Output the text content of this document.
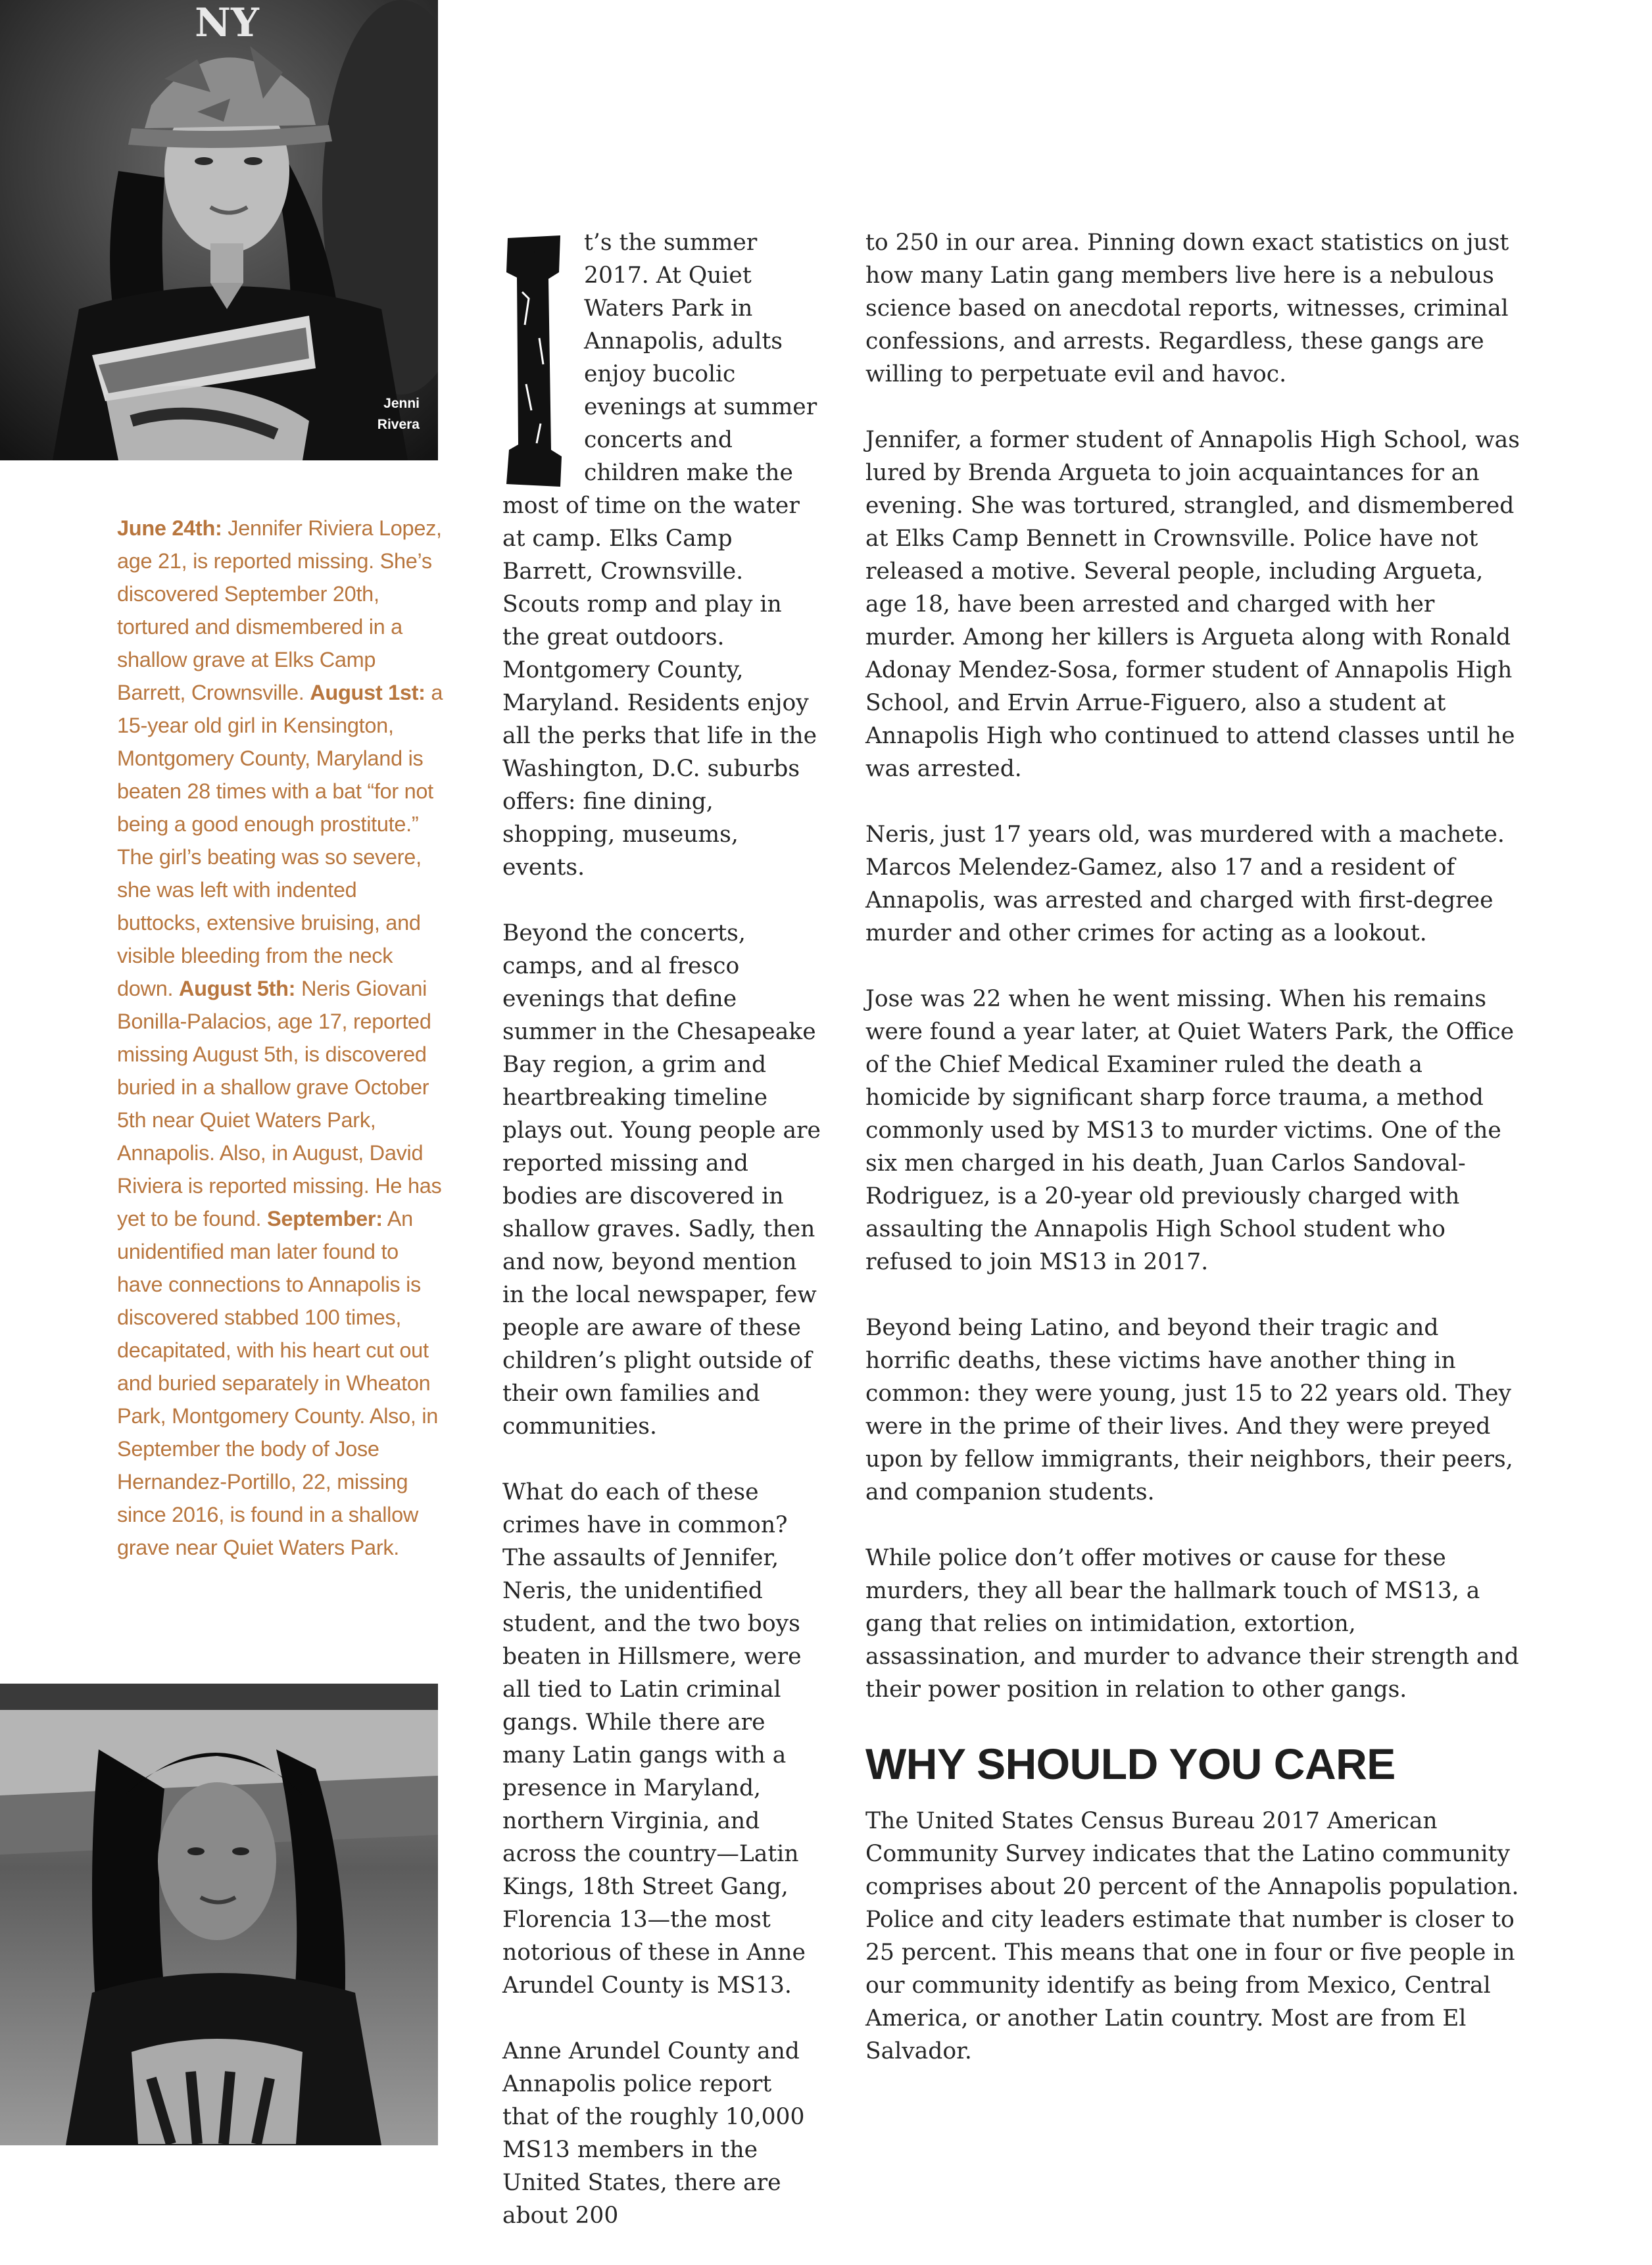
NY
Jenni
Rivera
June 24th: Jennifer Riviera Lopez, age 21, is reported missing. She’s discovered September 20th, tortured and dismembered in a shallow grave at Elks Camp Barrett, Crownsville. August 1st: a 15-year old girl in Kensington, Montgomery County, Maryland is beaten 28 times with a bat “for not being a good enough prostitute.” The girl’s beating was so severe, she was left with indented buttocks, extensive bruising, and visible bleeding from the neck down. August 5th: Neris Giovani Bonilla-Palacios, age 17, reported missing August 5th, is discovered buried in a shallow grave October 5th near Quiet Waters Park, Annapolis. Also, in August, David Riviera is reported missing. He has yet to be found. September: An unidentified man later found to have connections to Annapolis is discovered stabbed 100 times, decapitated, with his heart cut out and buried separately in Wheaton Park, Montgomery County. Also, in September the body of Jose Hernandez-Portillo, 22, missing since 2016, is found in a shallow grave near Quiet Waters Park.

I t’s the summer 2017. At Quiet Waters Park in Annapolis, adults enjoy bucolic evenings at summer concerts and children make the most of time on the water at camp. Elks Camp Barrett, Crownsville. Scouts romp and play in the great outdoors. Montgomery County, Maryland. Residents enjoy all the perks that life in the Washington, D.C. suburbs offers: fine dining, shopping, museums, events.

Beyond the concerts, camps, and al fresco evenings that define summer in the Chesapeake Bay region, a grim and heartbreaking timeline plays out. Young people are reported missing and bodies are discovered in shallow graves. Sadly, then and now, beyond mention in the local newspaper, few people are aware of these children’s plight outside of their own families and communities.

What do each of these crimes have in common? The assaults of Jennifer, Neris, the unidentified student, and the two boys beaten in Hillsmere, were all tied to Latin criminal gangs. While there are many Latin gangs with a presence in Maryland, northern Virginia, and across the country—Latin Kings, 18th Street Gang, Florencia 13—the most notorious of these in Anne Arundel County is MS13.

Anne Arundel County and Annapolis police report that of the roughly 10,000 MS13 members in the United States, there are about 200

to 250 in our area. Pinning down exact statistics on just how many Latin gang members live here is a nebulous science based on anecdotal reports, witnesses, criminal confessions, and arrests. Regardless, these gangs are willing to perpetuate evil and havoc.

Jennifer, a former student of Annapolis High School, was lured by Brenda Argueta to join acquaintances for an evening. She was tortured, strangled, and dismembered at Elks Camp Bennett in Crownsville. Police have not released a motive. Several people, including Argueta, age 18, have been arrested and charged with her murder. Among her killers is Argueta along with Ronald Adonay Mendez-Sosa, former student of Annapolis High School, and Ervin Arrue-Figuero, also a student at Annapolis High who continued to attend classes until he was arrested.

Neris, just 17 years old, was murdered with a machete. Marcos Melendez-Gamez, also 17 and a resident of Annapolis, was arrested and charged with first-degree murder and other crimes for acting as a lookout.

Jose was 22 when he went missing. When his remains were found a year later, at Quiet Waters Park, the Office of the Chief Medical Examiner ruled the death a homicide by significant sharp force trauma, a method commonly used by MS13 to murder victims. One of the six men charged in his death, Juan Carlos Sandoval-Rodriguez, is a 20-year old previously charged with assaulting the Annapolis High School student who refused to join MS13 in 2017.

Beyond being Latino, and beyond their tragic and horrific deaths, these victims have another thing in common: they were young, just 15 to 22 years old. They were in the prime of their lives. And they were preyed upon by fellow immigrants, their neighbors, their peers, and companion students.

While police don’t offer motives or cause for these murders, they all bear the hallmark touch of MS13, a gang that relies on intimidation, extortion, assassination, and murder to advance their strength and their power position in relation to other gangs.

WHY SHOULD YOU CARE

The United States Census Bureau 2017 American Community Survey indicates that the Latino community comprises about 20 percent of the Annapolis population. Police and city leaders estimate that number is closer to 25 percent. This means that one in four or five people in our community identify as being from Mexico, Central America, or another Latin country. Most are from El Salvador.
